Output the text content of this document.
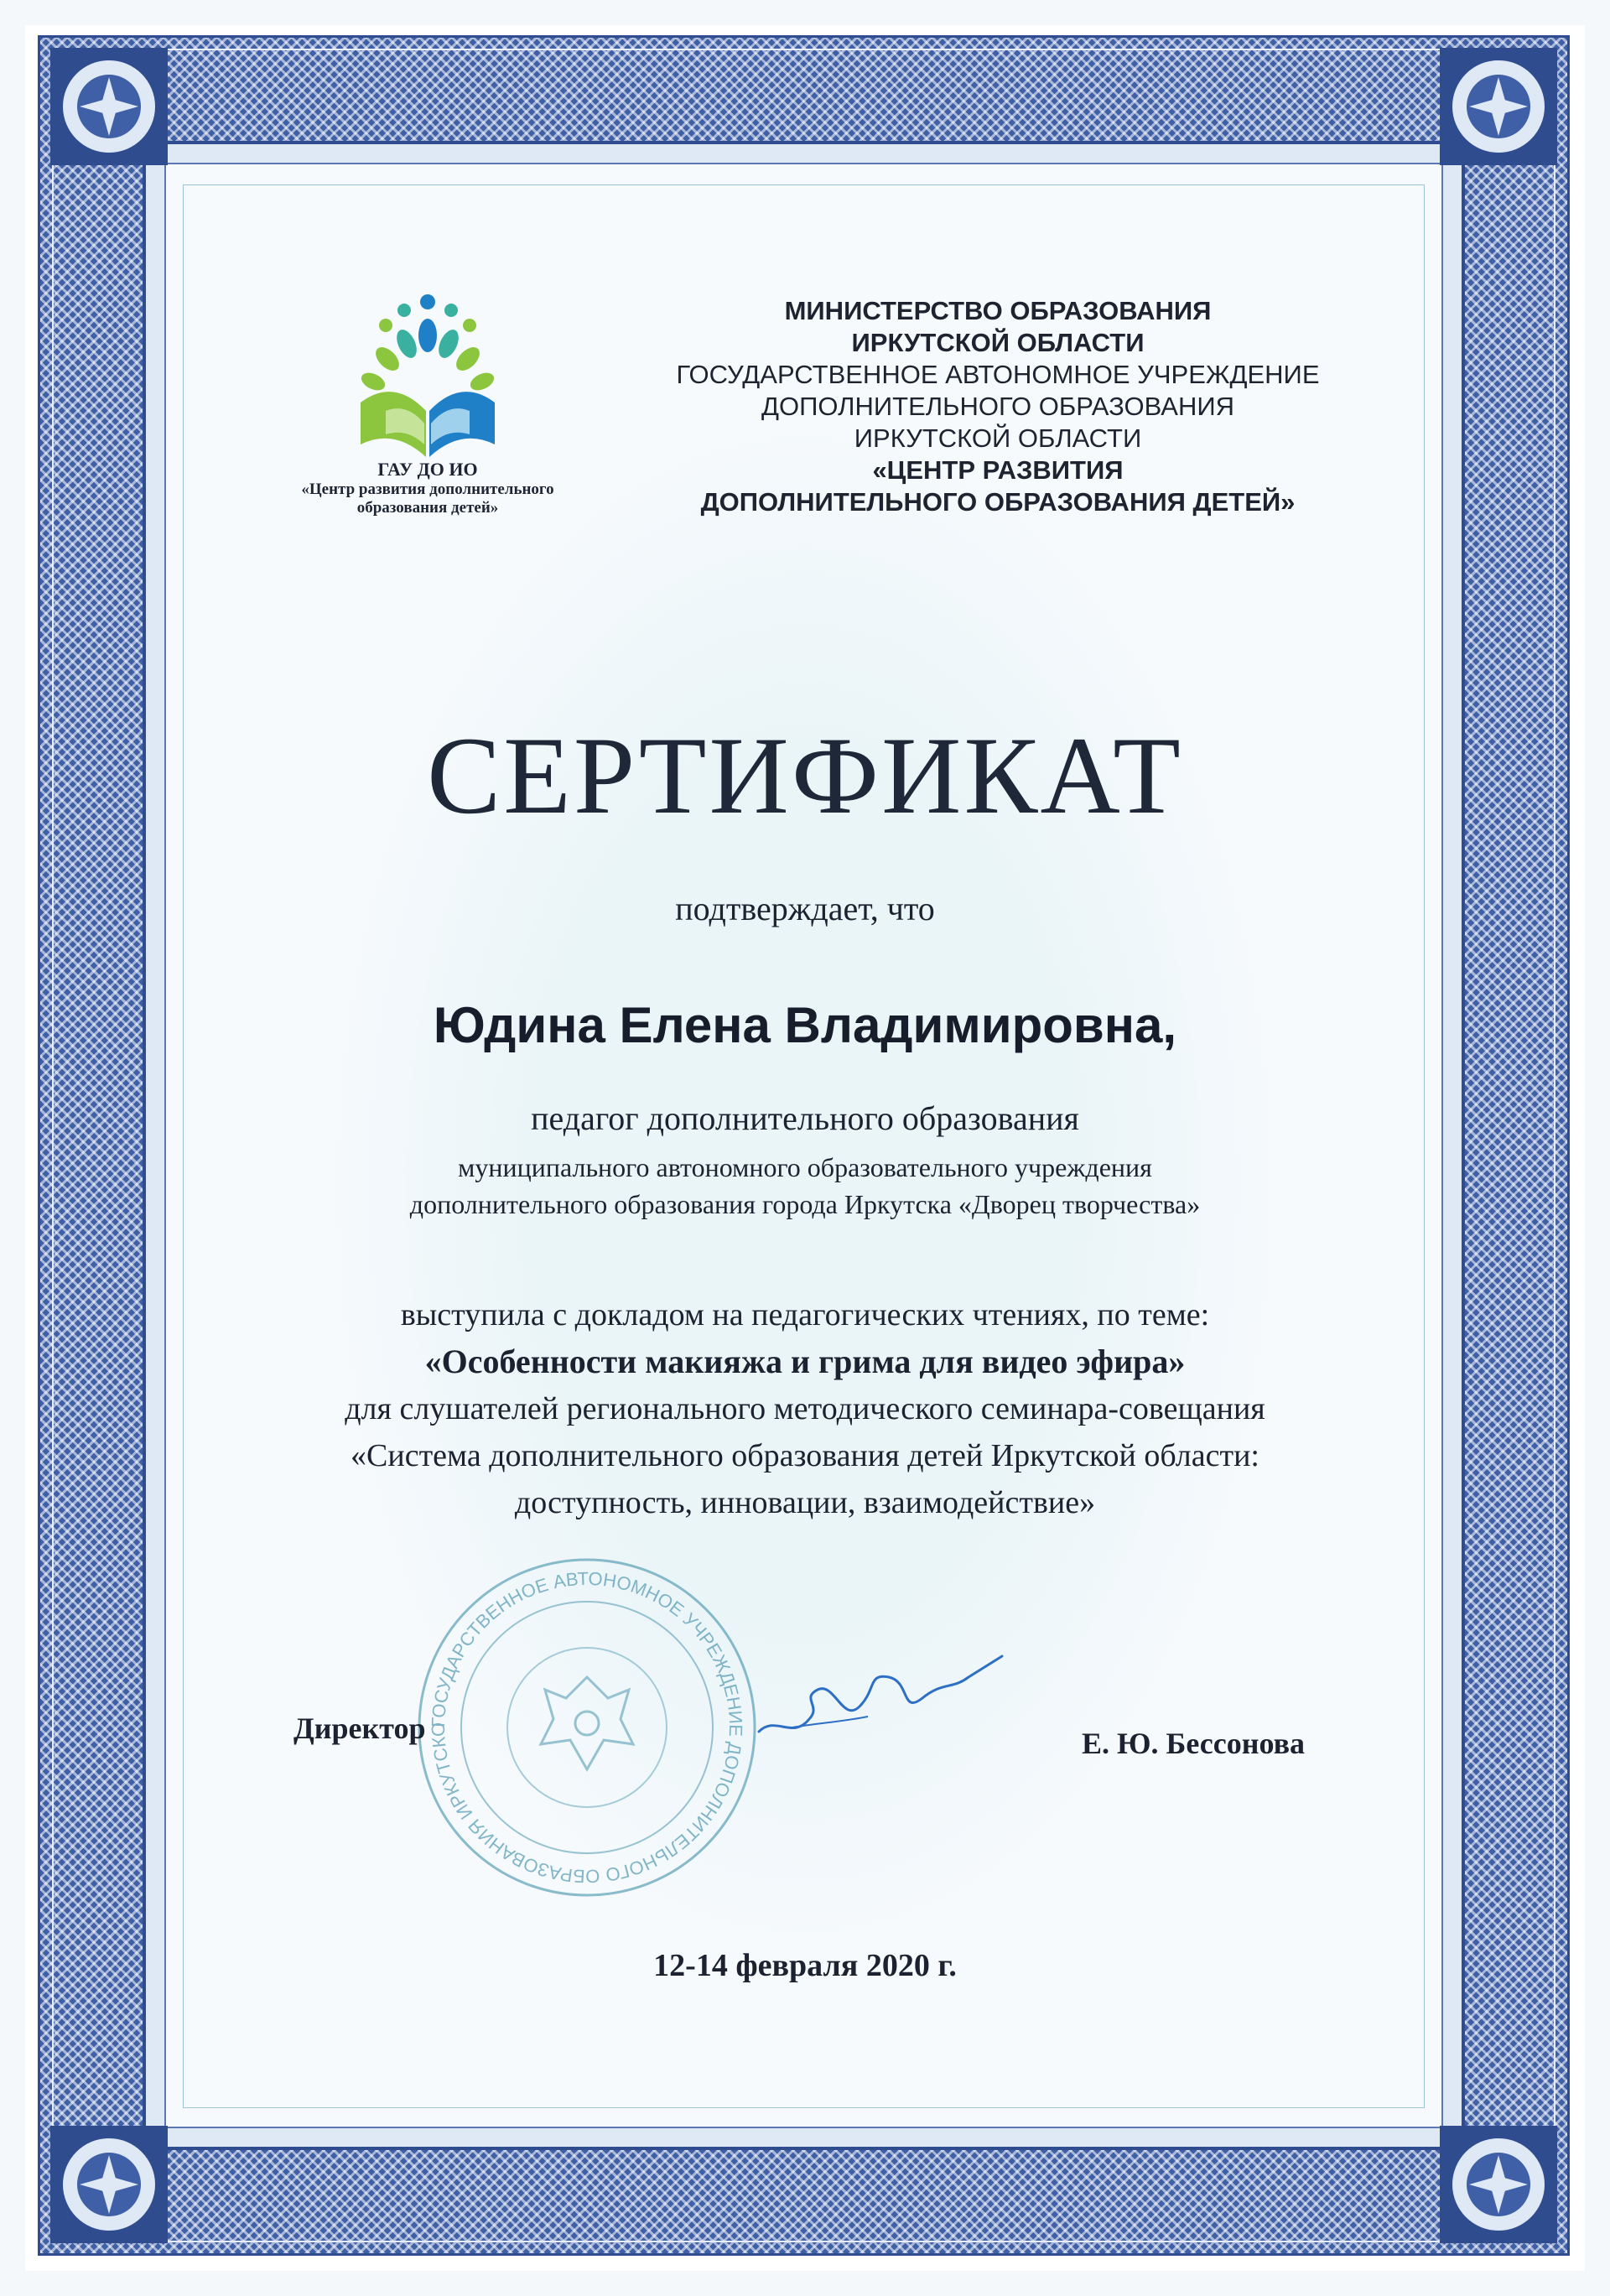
ГАУ ДО ИО
«Центр развития дополнительного
образования детей»
МИНИСТЕРСТВО ОБРАЗОВАНИЯ
ИРКУТСКОЙ ОБЛАСТИ
ГОСУДАРСТВЕННОЕ АВТОНОМНОЕ УЧРЕЖДЕНИЕ
ДОПОЛНИТЕЛЬНОГО ОБРАЗОВАНИЯ
ИРКУТСКОЙ ОБЛАСТИ
«ЦЕНТР РАЗВИТИЯ
ДОПОЛНИТЕЛЬНОГО ОБРАЗОВАНИЯ ДЕТЕЙ»
СЕРТИФИКАТ
подтверждает, что
Юдина Елена Владимировна,
педагог дополнительного образования
муниципального автономного образовательного учреждения
дополнительного образования города Иркутска «Дворец творчества»
выступила с докладом на педагогических чтениях, по теме:
«Особенности макияжа и грима для видео эфира»
для слушателей регионального методического семинара-совещания
«Система дополнительного образования детей Иркутской области:
доступность, инновации, взаимодействие»
ГОСУДАРСТВЕННОЕ АВТОНОМНОЕ УЧРЕЖДЕНИЕ ДОПОЛНИТЕЛЬНОГО ОБРАЗОВАНИЯ ИРКУТСКО
Директор	Е. Ю. Бессонова
12-14 февраля 2020 г.
